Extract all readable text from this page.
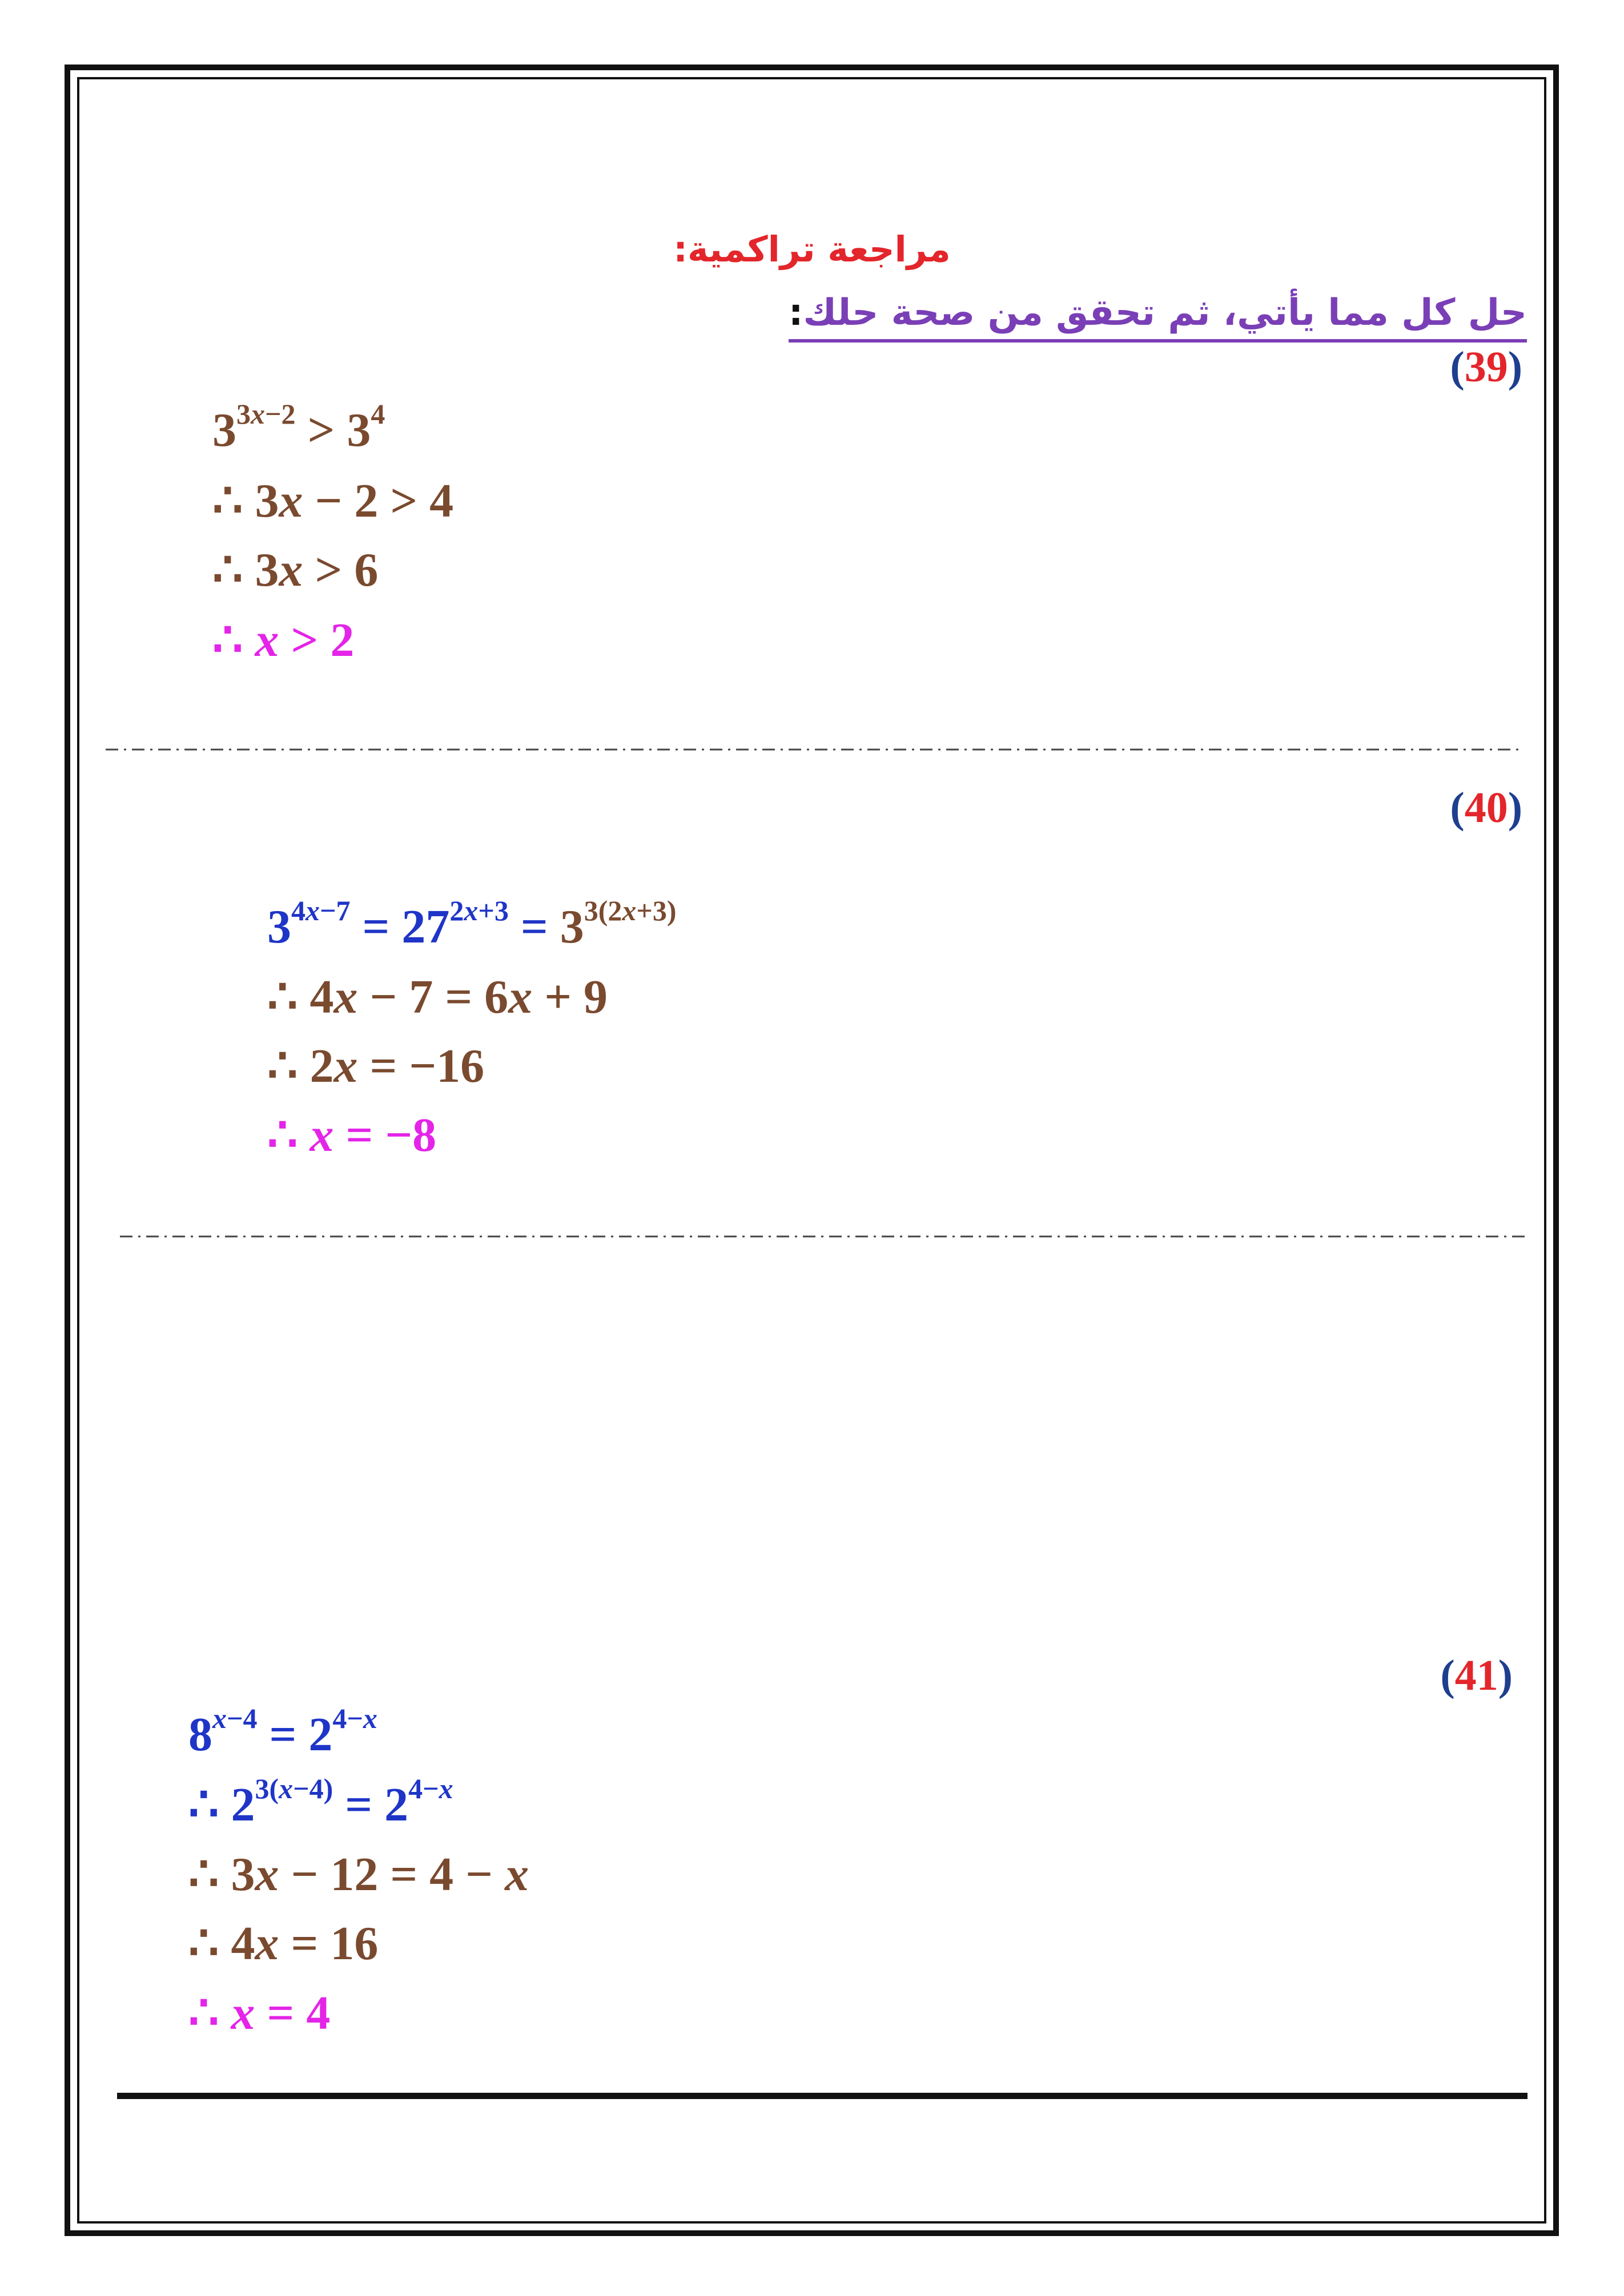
مراجعة تراكمية:
حل كل مما يأتي، ثم تحقق من صحة حلك:
(39)
$3^{3x-2} > 3^4$
∴ 3x − 2 > 4
∴ 3x > 6
∴ x > 2
(40)
$3^{4x-7} = 27^{2x+3} = 3^{3(2x+3)}$
∴ 4x − 7 = 6x + 9
∴ 2x = −16
∴ x = −8
(41)
$8^{x-4} = 2^{4-x}$
∴ $2^{3(x-4)} = 2^{4-x}$
∴ 3x − 12 = 4 − x
∴ 4x = 16
∴ x = 4
